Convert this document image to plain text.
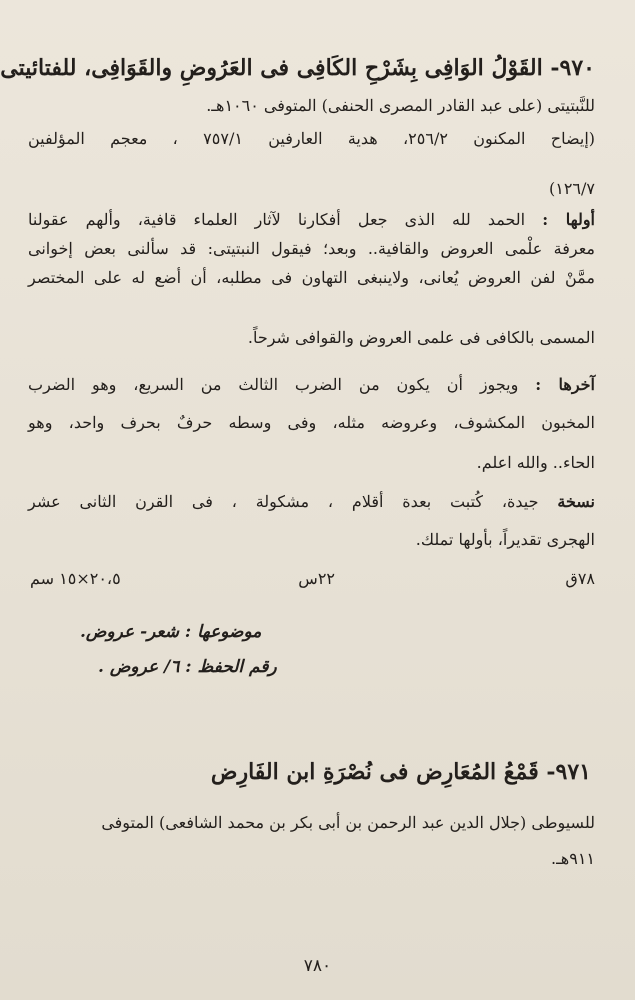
٩٧٠- القَوْلُ الوَافِى بِشَرْحِ الكَافِى فى العَرُوضِ والقَوَافِى، للفتائيتى
للنَّبتيتى (على عبد القادر المصرى الحنفى) المتوفى ١٠٦٠هـ.
(إيضاح المكنون ٢٥٦/٢، هدية العارفين ٧٥٧/١ ، معجم المؤلفين
١٢٦/٧)
أولها : الحمد لله الذى جعل أفكارنا لآثار العلماء قافية، وألهم عقولنا
معرفة علْمى العروض والقافية.. وبعد؛ فيقول النبتيتى: قد سألنى بعض إخوانى
ممَّنْ لفن العروض يُعانى، ولاينبغى التهاون فى مطلبه، أن أضع له على المختصر
المسمى بالكافى فى علمى العروض والقوافى شرحاً.
آخرها : ويجوز أن يكون من الضرب الثالث من السريع، وهو الضرب
المخبون المكشوف، وعروضه مثله، وفى وسطه حرفٌ بحرف واحد، وهو
الحاء.. والله اعلم.
نسخة جيدة، كُتبت بعدة أقلام ، مشكولة ، فى القرن الثانى عشر
الهجرى تقديراً، بأولها تملك.
٧٨ق
٢٢س
٢٠،٥×١٥ سم
موضوعها : شعر- عروض.
رقم الحفظ : ٦/ عروض .
٩٧١- قَمْعُ المُعَارِض فى نُصْرَةِ ابن الفَارِض
للسيوطى (جلال الدين عبد الرحمن بن أبى بكر بن محمد الشافعى) المتوفى
٩١١هـ.
٧٨٠
